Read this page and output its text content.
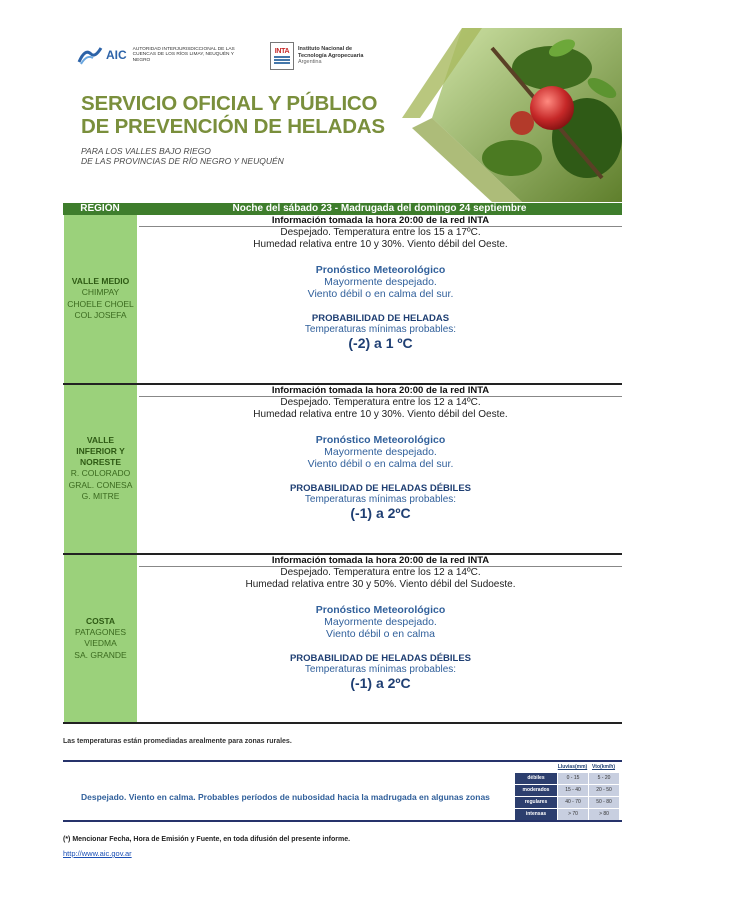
AIC AUTORIDAD INTERJURISDICCIONAL DE LAS CUENCAS DE LOS RÍOS LIMAY, NEUQUÉN Y NEGRO
INTA Instituto Nacional de
Tecnología Agropecuaria
Argentina
SERVICIO OFICIAL Y PÚBLICO
DE PREVENCIÓN DE HELADAS
PARA LOS VALLES BAJO RIEGO
DE LAS PROVINCIAS DE RÍO NEGRO Y NEUQUÉN
REGIÓN	Noche del sábado 23 - Madrugada del domingo 24 septiembre
VALLE MEDIO
CHIMPAY
CHOELE CHOEL
COL JOSEFA
Información tomada la hora 20:00 de la red INTA
Despejado. Temperatura entre los 15 a 17ºC.
Humedad relativa entre 10 y 30%. Viento débil del Oeste.
Pronóstico Meteorológico
Mayormente despejado.
Viento débil o en calma del sur.
PROBABILIDAD DE HELADAS
Temperaturas mínimas probables:
(-2) a 1 ºC
VALLE INFERIOR Y NORESTE
R. COLORADO
GRAL. CONESA
G. MITRE
Información tomada la hora 20:00 de la red INTA
Despejado. Temperatura entre los 12 a 14ºC.
Humedad relativa entre 10 y 30%. Viento débil del Oeste.
Pronóstico Meteorológico
Mayormente despejado.
Viento débil o en calma del sur.
PROBABILIDAD DE HELADAS DÉBILES
Temperaturas mínimas probables:
(-1) a 2ºC
COSTA
PATAGONES
VIEDMA
SA. GRANDE
Información tomada la hora 20:00 de la red INTA
Despejado. Temperatura entre los 12 a 14ºC.
Humedad relativa entre 30 y 50%. Viento débil del Sudoeste.
Pronóstico Meteorológico
Mayormente despejado.
Viento débil o en calma
PROBABILIDAD DE HELADAS DÉBILES
Temperaturas mínimas probables:
(-1) a 2ºC
Las temperaturas están promediadas arealmente para zonas rurales.
Despejado. Viento en calma. Probables períodos de nubosidad hacia la madrugada en algunas zonas
Lluvias(mm) Vto(km/h)
débiles	0 - 15	5 - 20
moderados	15 - 40	20 - 50
regulares	40 - 70	50 - 80
intensas	> 70	> 80
(*) Mencionar Fecha, Hora de Emisión y Fuente, en toda difusión del presente informe.
http://www.aic.gov.ar
